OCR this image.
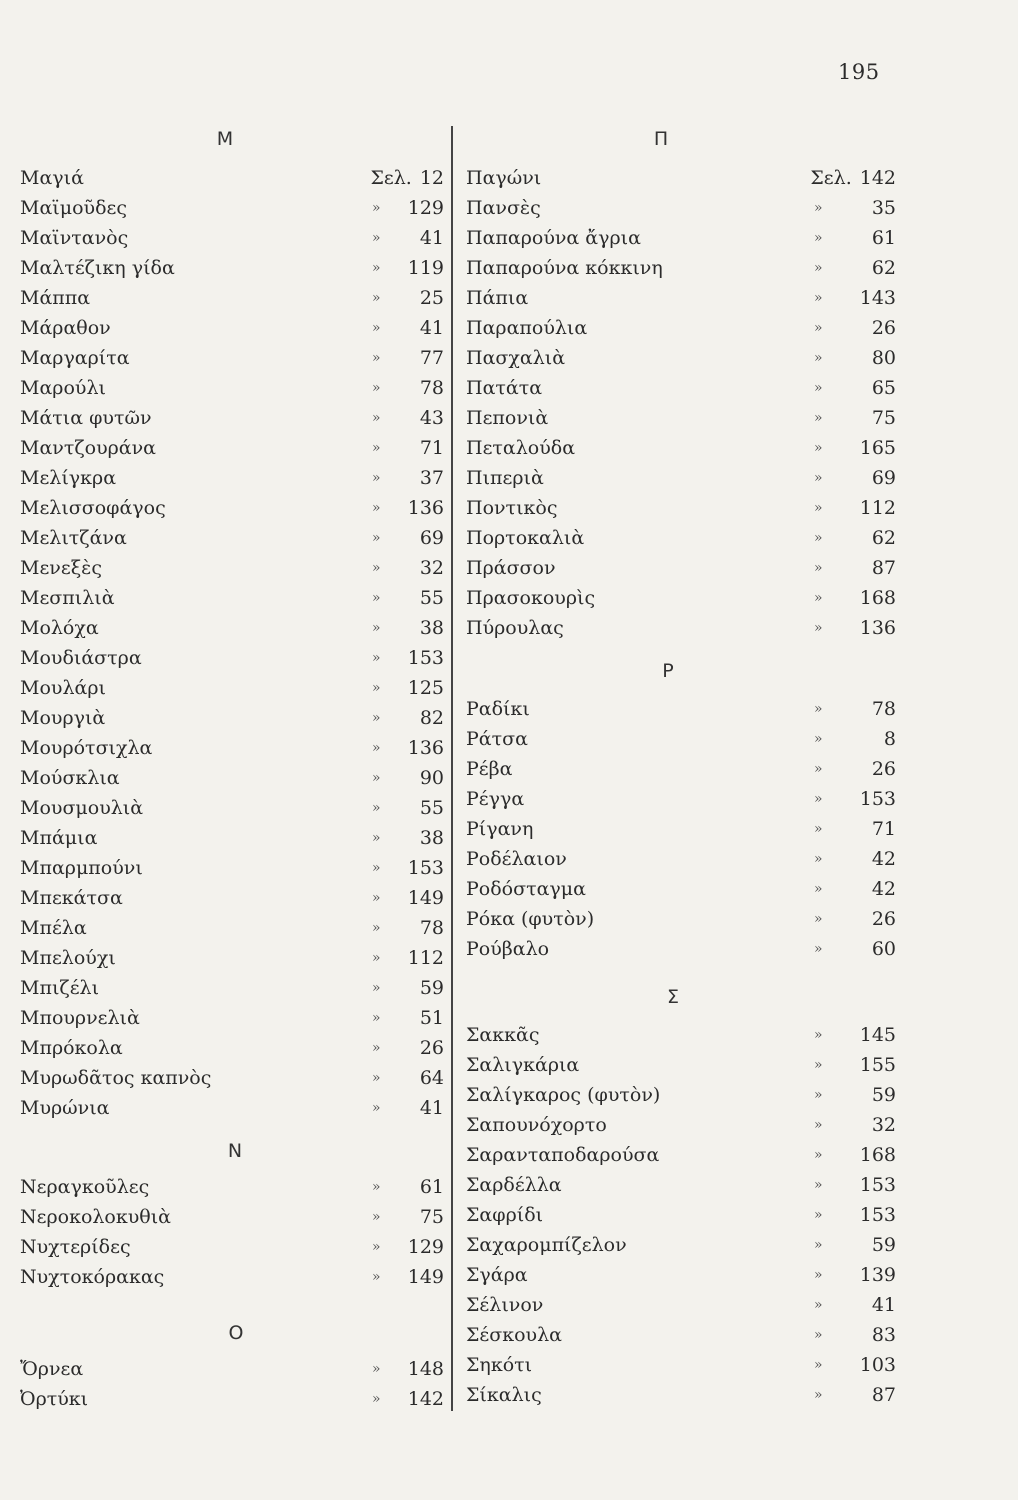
195
M
Μαγιά	Σελ. 12
Μαϊμοῦδες	» 129
Μαϊντανὸς	» 41
Μαλτέζικη γίδα	» 119
Μάππα	» 25
Μάραθον	» 41
Μαργαρίτα	» 77
Μαρούλι	» 78
Μάτια φυτῶν	» 43
Μαντζουράνα	» 71
Μελίγκρα	» 37
Μελισσοφάγος	» 136
Μελιτζάνα	» 69
Μενεξὲς	» 32
Μεσπιλιὰ	» 55
Μολόχα	» 38
Μουδιάστρα	» 153
Μουλάρι	» 125
Μουργιὰ	» 82
Μουρότσιχλα	» 136
Μούσκλια	» 90
Μουσμουλιὰ	» 55
Μπάμια	» 38
Μπαρμπούνι	» 153
Μπεκάτσα	» 149
Μπέλα	» 78
Μπελούχι	» 112
Μπιζέλι	» 59
Μπουρνελιὰ	» 51
Μπρόκολα	» 26
Μυρωδᾶτος καπνὸς	» 64
Μυρώνια	» 41
N
Νεραγκοῦλες	» 61
Νεροκολοκυθιὰ	» 75
Νυχτερίδες	» 129
Νυχτοκόρακας	» 149
O
Ὄρνεα	» 148
Ὀρτύκι	» 142
Π
Παγώνι	Σελ. 142
Πανσὲς	»	35
Παπαρούνα ἄγρια	»	61
Παπαρούνα κόκκινη	»	62
Πάπια	» 143
Παραπούλια	»	26
Πασχαλιὰ	»	80
Πατάτα	»	65
Πεπονιὰ	»	75
Πεταλούδα	» 165
Πιπεριὰ	»	69
Ποντικὸς	» 112
Πορτοκαλιὰ	»	62
Πράσσον	»	87
Πρασοκουρὶς	» 168
Πύρουλας	» 136
P
Ραδίκι	»	78
Ράτσα	»	8
Ρέβα	»	26
Ρέγγα	» 153
Ρίγανη	»	71
Ροδέλαιον	»	42
Ροδόσταγμα	»	42
Ρόκα (φυτὸν)	»	26
Ρούβαλο	»	60
Σ
Σακκᾶς	» 145
Σαλιγκάρια	» 155
Σαλίγκαρος (φυτὸν)	»	59
Σαπουνόχορτο	»	32
Σαρανταποδαρούσα	» 168
Σαρδέλλα	» 153
Σαφρίδι	» 153
Σαχαρομπίζελον	»	59
Σγάρα	» 139
Σέλινον	»	41
Σέσκουλα	»	83
Σηκότι	» 103
Σίκαλις	»	87
